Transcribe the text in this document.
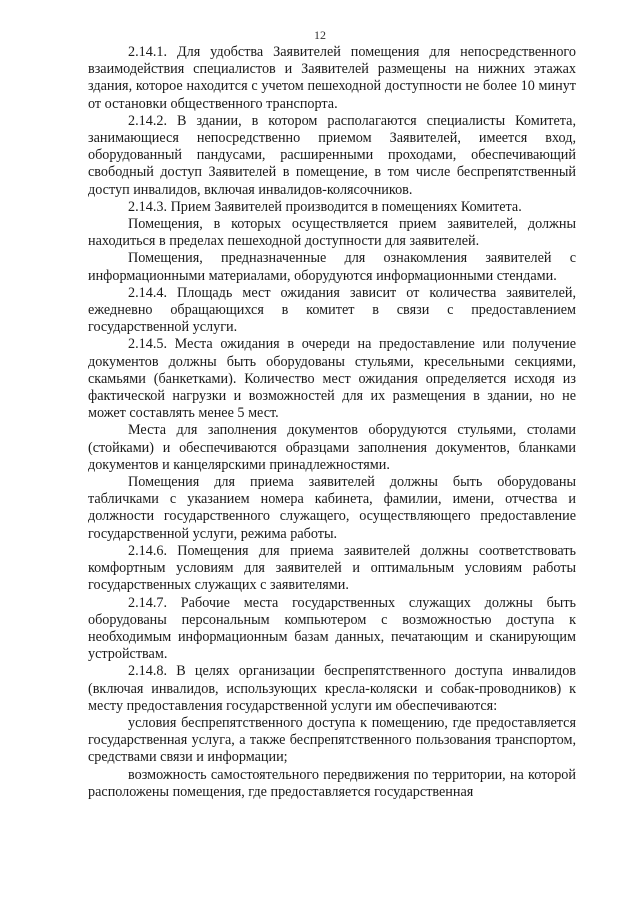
12

2.14.1. Для удобства Заявителей помещения для непосредственного взаимодействия специалистов и Заявителей размещены на нижних этажах здания, которое находится с учетом пешеходной доступности не более 10 минут от остановки общественного транспорта.

2.14.2. В здании, в котором располагаются специалисты Комитета, занимающиеся непосредственно приемом Заявителей, имеется вход, оборудованный пандусами, расширенными проходами, обеспечивающий свободный доступ Заявителей в помещение, в том числе беспрепятственный доступ инвалидов, включая инвалидов-колясочников.

2.14.3. Прием Заявителей производится в помещениях Комитета.

Помещения, в которых осуществляется прием заявителей, должны находиться в пределах пешеходной доступности для заявителей.

Помещения, предназначенные для ознакомления заявителей с информационными материалами, оборудуются информационными стендами.

2.14.4. Площадь мест ожидания зависит от количества заявителей, ежедневно обращающихся в комитет в связи с предоставлением государственной услуги.

2.14.5. Места ожидания в очереди на предоставление или получение документов должны быть оборудованы стульями, кресельными секциями, скамьями (банкетками). Количество мест ожидания определяется исходя из фактической нагрузки и возможностей для их размещения в здании, но не может составлять менее 5 мест.

Места для заполнения документов оборудуются стульями, столами (стойками) и обеспечиваются образцами заполнения документов, бланками документов и канцелярскими принадлежностями.

Помещения для приема заявителей должны быть оборудованы табличками с указанием номера кабинета, фамилии, имени, отчества и должности государственного служащего, осуществляющего предоставление государственной услуги, режима работы.

2.14.6. Помещения для приема заявителей должны соответствовать комфортным условиям для заявителей и оптимальным условиям работы государственных служащих с заявителями.

2.14.7. Рабочие места государственных служащих должны быть оборудованы персональным компьютером с возможностью доступа к необходимым информационным базам данных, печатающим и сканирующим устройствам.

2.14.8. В целях организации беспрепятственного доступа инвалидов (включая инвалидов, использующих кресла-коляски и собак-проводников) к месту предоставления государственной услуги им обеспечиваются:

условия беспрепятственного доступа к помещению, где предоставляется государственная услуга, а также беспрепятственного пользования транспортом, средствами связи и информации;

возможность самостоятельного передвижения по территории, на которой расположены помещения, где предоставляется государственная
